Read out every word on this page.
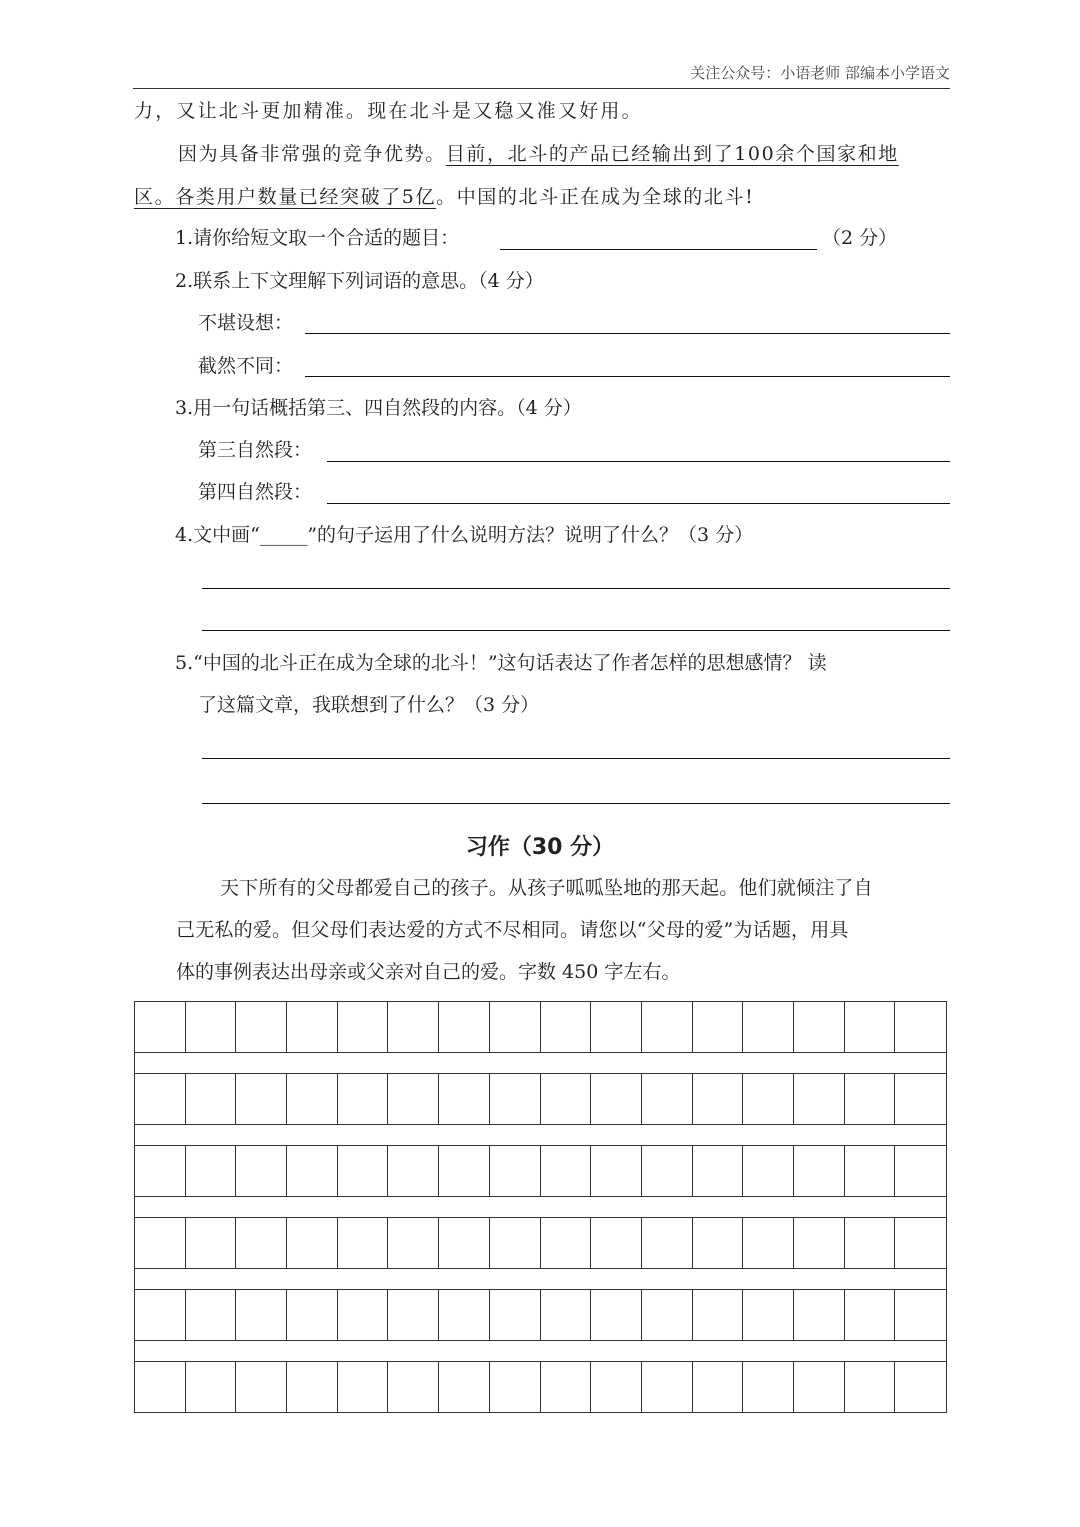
关注公众号：小语老师 部编本小学语文
力，又让北斗更加精准。现在北斗是又稳又准又好用。
因为具备非常强的竞争优势。目前，北斗的产品已经输出到了100余个国家和地
区。各类用户数量已经突破了5亿。中国的北斗正在成为全球的北斗!
1.请你给短文取一个合适的题目：	（2 分）
2.联系上下文理解下列词语的意思。（4 分）
不堪设想：
截然不同：
3.用一句话概括第三、四自然段的内容。（4 分）
第三自然段：
第四自然段：
4.文中画“_____”的句子运用了什么说明方法？说明了什么？（3 分）
5.“中国的北斗正在成为全球的北斗！”这句话表达了作者怎样的思想感情？ 读
了这篇文章，我联想到了什么？（3 分）
习作（30 分）
天下所有的父母都爱自己的孩子。从孩子呱呱坠地的那天起。他们就倾注了自
己无私的爱。但父母们表达爱的方式不尽相同。请您以“父母的爱”为话题，用具
体的事例表达出母亲或父亲对自己的爱。字数 450 字左右。
